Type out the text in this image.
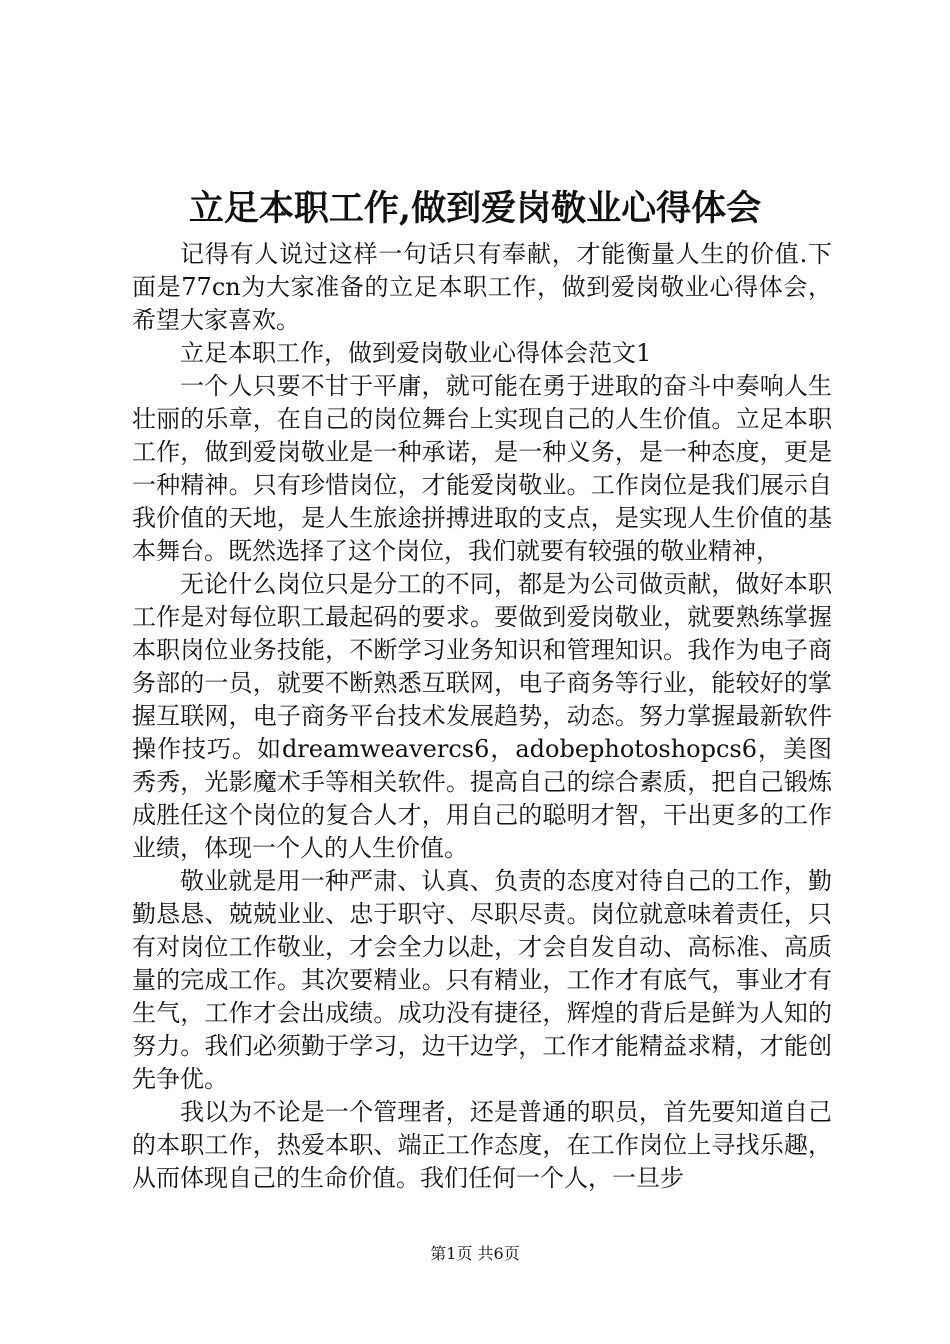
立足本职工作,做到爱岗敬业心得体会

记得有人说过这样一句话只有奉献，才能衡量人生的价值.下面是77cn为大家准备的立足本职工作，做到爱岗敬业心得体会，希望大家喜欢。

立足本职工作，做到爱岗敬业心得体会范文1

一个人只要不甘于平庸，就可能在勇于进取的奋斗中奏响人生壮丽的乐章，在自己的岗位舞台上实现自己的人生价值。立足本职工作，做到爱岗敬业是一种承诺，是一种义务，是一种态度，更是一种精神。只有珍惜岗位，才能爱岗敬业。工作岗位是我们展示自我价值的天地，是人生旅途拼搏进取的支点，是实现人生价值的基本舞台。既然选择了这个岗位，我们就要有较强的敬业精神，

无论什么岗位只是分工的不同，都是为公司做贡献，做好本职工作是对每位职工最起码的要求。要做到爱岗敬业，就要熟练掌握本职岗位业务技能，不断学习业务知识和管理知识。我作为电子商务部的一员，就要不断熟悉互联网，电子商务等行业，能较好的掌握互联网，电子商务平台技术发展趋势，动态。努力掌握最新软件操作技巧。如dreamweavercs6，adobephotoshopcs6，美图秀秀，光影魔术手等相关软件。提高自己的综合素质，把自己锻炼成胜任这个岗位的复合人才，用自己的聪明才智，干出更多的工作业绩，体现一个人的人生价值。

敬业就是用一种严肃、认真、负责的态度对待自己的工作，勤勤恳恳、兢兢业业、忠于职守、尽职尽责。岗位就意味着责任，只有对岗位工作敬业，才会全力以赴，才会自发自动、高标准、高质量的完成工作。其次要精业。只有精业，工作才有底气，事业才有生气，工作才会出成绩。成功没有捷径，辉煌的背后是鲜为人知的努力。我们必须勤于学习，边干边学，工作才能精益求精，才能创先争优。

我以为不论是一个管理者，还是普通的职员，首先要知道自己的本职工作，热爱本职、端正工作态度，在工作岗位上寻找乐趣，从而体现自己的生命价值。我们任何一个人，一旦步

第1页 共6页
